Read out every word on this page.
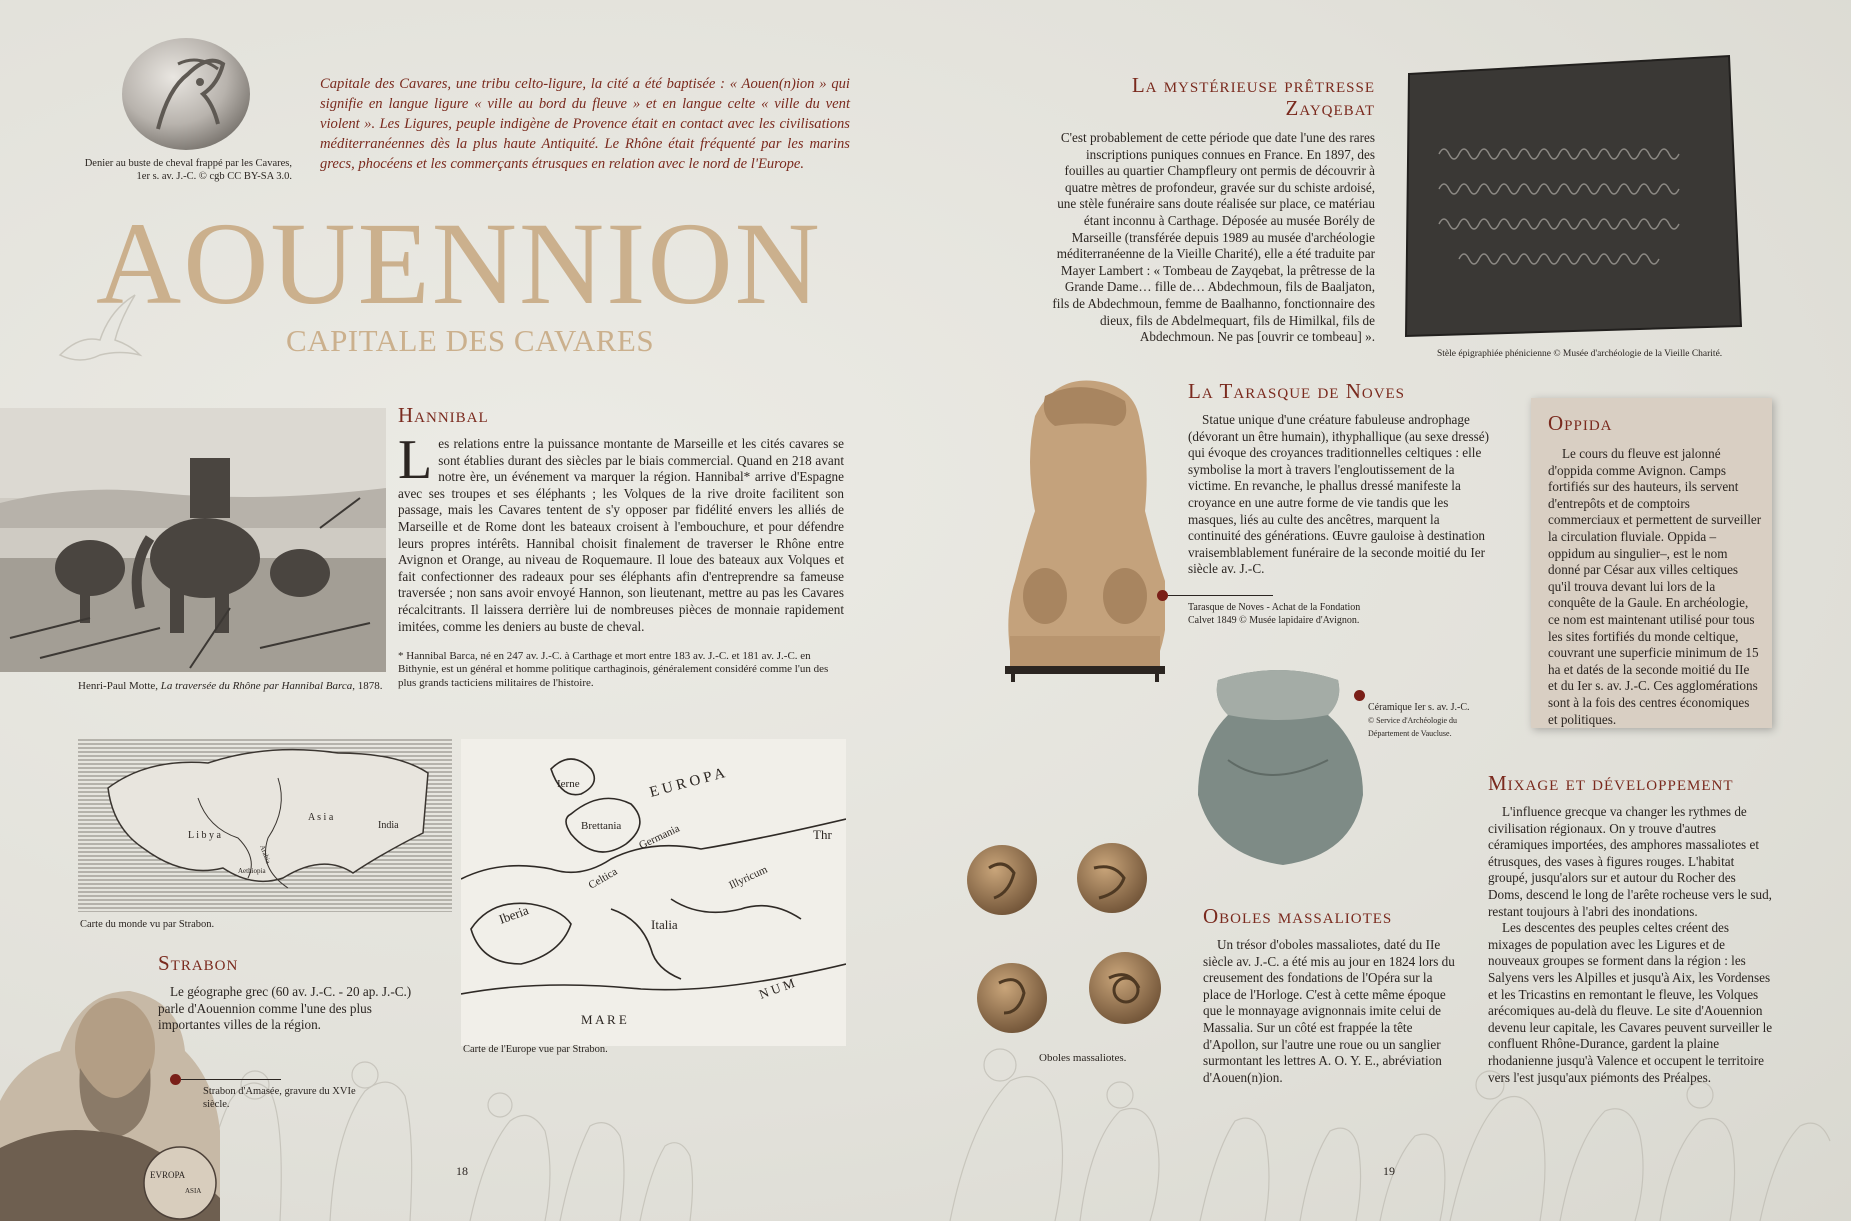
Denier au buste de cheval frappé par les Cavares,
1er s. av. J.-C. © cgb CC BY-SA 3.0.
Capitale des Cavares, une tribu celto-ligure, la cité a été baptisée : « Aouen(n)ion » qui signifie en langue ligure « ville au bord du fleuve » et en langue celte « ville du vent violent ». Les Ligures, peuple indigène de Provence était en contact avec les civilisations méditerranéennes dès la plus haute Antiquité. Le Rhône était fréquenté par les marins grecs, phocéens et les commerçants étrusques en relation avec le nord de l'Europe.
AOUENNION
CAPITALE DES CAVARES
Henri-Paul Motte, La traversée du Rhône par Hannibal Barca, 1878.
Hannibal
Les relations entre la puissance montante de Marseille et les cités cavares se sont établies durant des siècles par le biais commercial. Quand en 218 avant notre ère, un événement va marquer la région. Hannibal* arrive d'Espagne avec ses troupes et ses éléphants ; les Volques de la rive droite facilitent son passage, mais les Cavares tentent de s'y opposer par fidélité envers les alliés de Marseille et de Rome dont les bateaux croisent à l'embouchure, et pour défendre leurs propres intérêts. Hannibal choisit finalement de traverser le Rhône entre Avignon et Orange, au niveau de Roquemaure. Il loue des bateaux aux Volques et fait confectionner des radeaux pour ses éléphants afin d'entreprendre sa fameuse traversée ; non sans avoir envoyé Hannon, son lieutenant, mettre au pas les Cavares récalcitrants. Il laissera derrière lui de nombreuses pièces de monnaie rapidement imitées, comme les deniers au buste de cheval.
* Hannibal Barca, né en 247 av. J.-C. à Carthage et mort entre 183 av. J.-C. et 181 av. J.-C. en Bithynie, est un général et homme politique carthaginois, généralement considéré comme l'un des plus grands tacticiens militaires de l'histoire.
L i b y a
A s i a
India
Arabia
Aethiopia
Carte du monde vu par Strabon.
Ierne	E U R O P A
Brettania Germania
Celtica
Iberia
Illyricum
Italia
Thr
M A R E
N U M
Carte de l'Europe vue par Strabon.
EVROPA
ASIA
Strabon
Le géographe grec (60 av. J.-C. - 20 ap. J.-C.) parle d'Aouennion comme l'une des plus importantes villes de la région.
Strabon d'Amasée, gravure du XVIe siècle.
18	19
La mystérieuse prêtresse
Zayqebat
C'est probablement de cette période que date l'une des rares inscriptions puniques connues en France. En 1897, des fouilles au quartier Champfleury ont permis de découvrir à quatre mètres de profondeur, gravée sur du schiste ardoisé, une stèle funéraire sans doute réalisée sur place, ce matériau étant inconnu à Carthage. Déposée au musée Borély de Marseille (transférée depuis 1989 au musée d'archéologie méditerranéenne de la Vieille Charité), elle a été traduite par Mayer Lambert : « Tombeau de Zayqebat, la prêtresse de la Grande Dame… fille de… Abdechmoun, fils de Baaljaton, fils de Abdechmoun, femme de Baalhanno, fonctionnaire des dieux, fils de Abdelmequart, fils de Himilkal, fils de Abdechmoun. Ne pas [ouvrir ce tombeau] ».
Stèle épigraphiée phénicienne © Musée d'archéologie de la Vieille Charité.
La Tarasque de Noves
Statue unique d'une créature fabuleuse androphage (dévorant un être humain), ithyphallique (au sexe dressé) qui évoque des croyances traditionnelles celtiques : elle symbolise la mort à travers l'engloutissement de la victime. En revanche, le phallus dressé manifeste la croyance en une autre forme de vie tandis que les masques, liés au culte des ancêtres, marquent la continuité des générations. Œuvre gauloise à destination vraisemblablement funéraire de la seconde moitié du Ier siècle av. J.-C.
Tarasque de Noves - Achat de la Fondation
Calvet 1849 © Musée lapidaire d'Avignon.
Céramique Ier s. av. J.-C.
© Service d'Archéologie du
Département de Vaucluse.
Oppida
Le cours du fleuve est jalonné d'oppida comme Avignon. Camps fortifiés sur des hauteurs, ils servent d'entrepôts et de comptoirs commerciaux et permettent de surveiller la circulation fluviale. Oppida – oppidum au singulier–, est le nom donné par César aux villes celtiques qu'il trouva devant lui lors de la conquête de la Gaule. En archéologie, ce nom est maintenant utilisé pour tous les sites fortifiés du monde celtique, couvrant une superficie minimum de 15 ha et datés de la seconde moitié du IIe et du Ier s. av. J.-C. Ces agglomérations sont à la fois des centres économiques et politiques.
Oboles massaliotes.
Oboles massaliotes
Un trésor d'oboles massaliotes, daté du IIe siècle av. J.-C. a été mis au jour en 1824 lors du creusement des fondations de l'Opéra sur la place de l'Horloge. C'est à cette même époque que le monnayage avignonnais imite celui de Massalia. Sur un côté est frappée la tête d'Apollon, sur l'autre une roue ou un sanglier surmontant les lettres A. O. Y. E., abréviation d'Aouen(n)ion.
Mixage et développement
L'influence grecque va changer les rythmes de civilisation régionaux. On y trouve d'autres céramiques importées, des amphores massaliotes et étrusques, des vases à figures rouges. L'habitat groupé, jusqu'alors sur et autour du Rocher des Doms, descend le long de l'arête rocheuse vers le sud, restant toujours à l'abri des inondations.
Les descentes des peuples celtes créent des mixages de population avec les Ligures et de nouveaux groupes se forment dans la région : les Salyens vers les Alpilles et jusqu'à Aix, les Vordenses et les Tricastins en remontant le fleuve, les Volques arécomiques au-delà du fleuve. Le site d'Aouennion devenu leur capitale, les Cavares peuvent surveiller le confluent Rhône-Durance, gardent la plaine rhodanienne jusqu'à Valence et occupent le territoire vers l'est jusqu'aux piémonts des Préalpes.
